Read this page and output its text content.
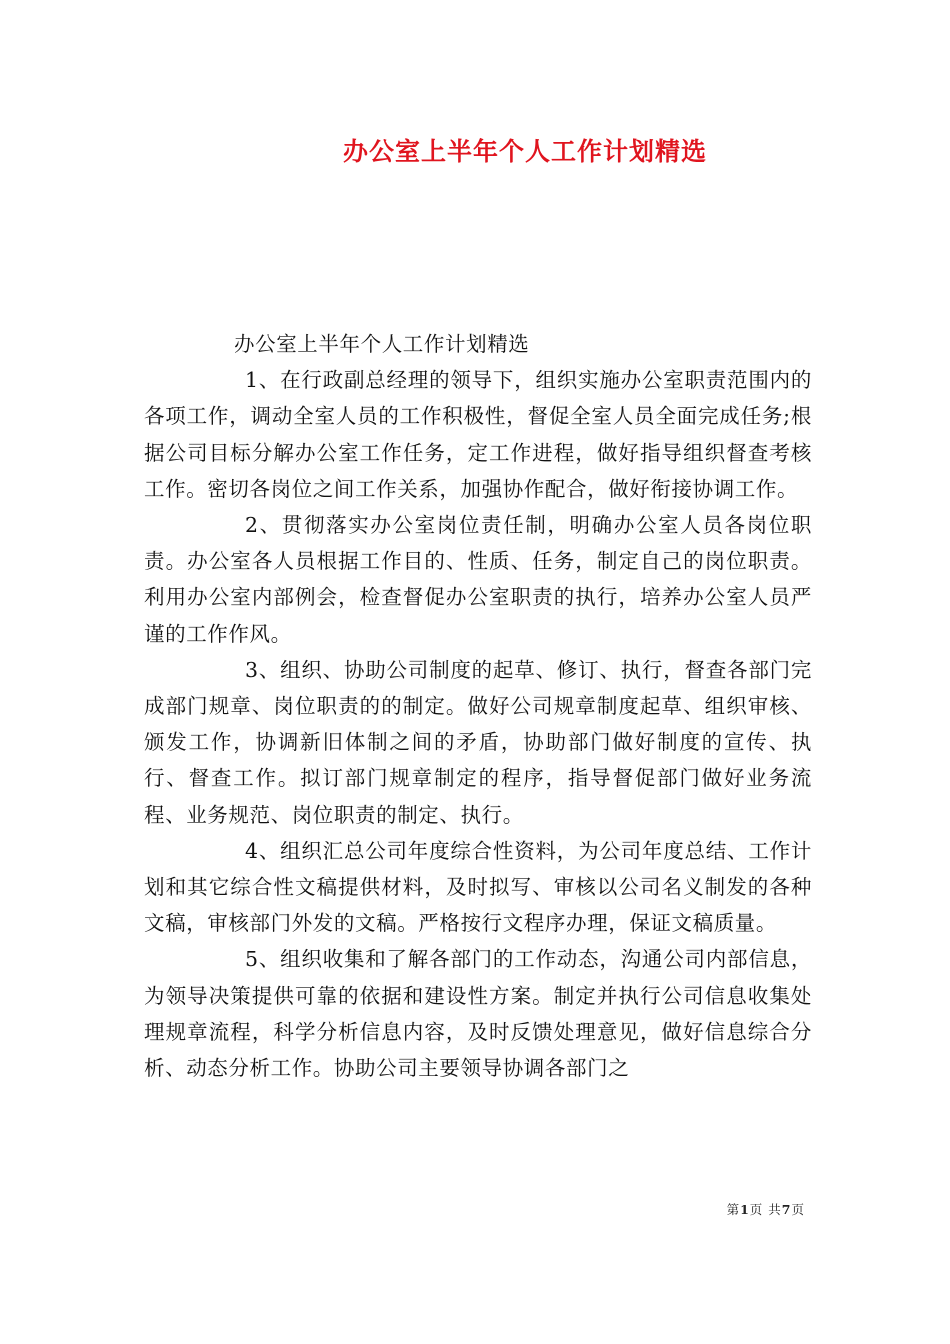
办公室上半年个人工作计划精选

办公室上半年个人工作计划精选

1、在行政副总经理的领导下，组织实施办公室职责范围内的各项工作，调动全室人员的工作积极性，督促全室人员全面完成任务;根据公司目标分解办公室工作任务，定工作进程，做好指导组织督查考核工作。密切各岗位之间工作关系，加强协作配合，做好衔接协调工作。

2、贯彻落实办公室岗位责任制，明确办公室人员各岗位职责。办公室各人员根据工作目的、性质、任务，制定自己的岗位职责。利用办公室内部例会，检查督促办公室职责的执行，培养办公室人员严谨的工作作风。

3、组织、协助公司制度的起草、修订、执行，督查各部门完成部门规章、岗位职责的的制定。做好公司规章制度起草、组织审核、颁发工作，协调新旧体制之间的矛盾，协助部门做好制度的宣传、执行、督查工作。拟订部门规章制定的程序，指导督促部门做好业务流程、业务规范、岗位职责的制定、执行。

4、组织汇总公司年度综合性资料，为公司年度总结、工作计划和其它综合性文稿提供材料，及时拟写、审核以公司名义制发的各种文稿，审核部门外发的文稿。严格按行文程序办理，保证文稿质量。

5、组织收集和了解各部门的工作动态，沟通公司内部信息，为领导决策提供可靠的依据和建设性方案。制定并执行公司信息收集处理规章流程，科学分析信息内容，及时反馈处理意见，做好信息综合分析、动态分析工作。协助公司主要领导协调各部门之

第1页 共7页
